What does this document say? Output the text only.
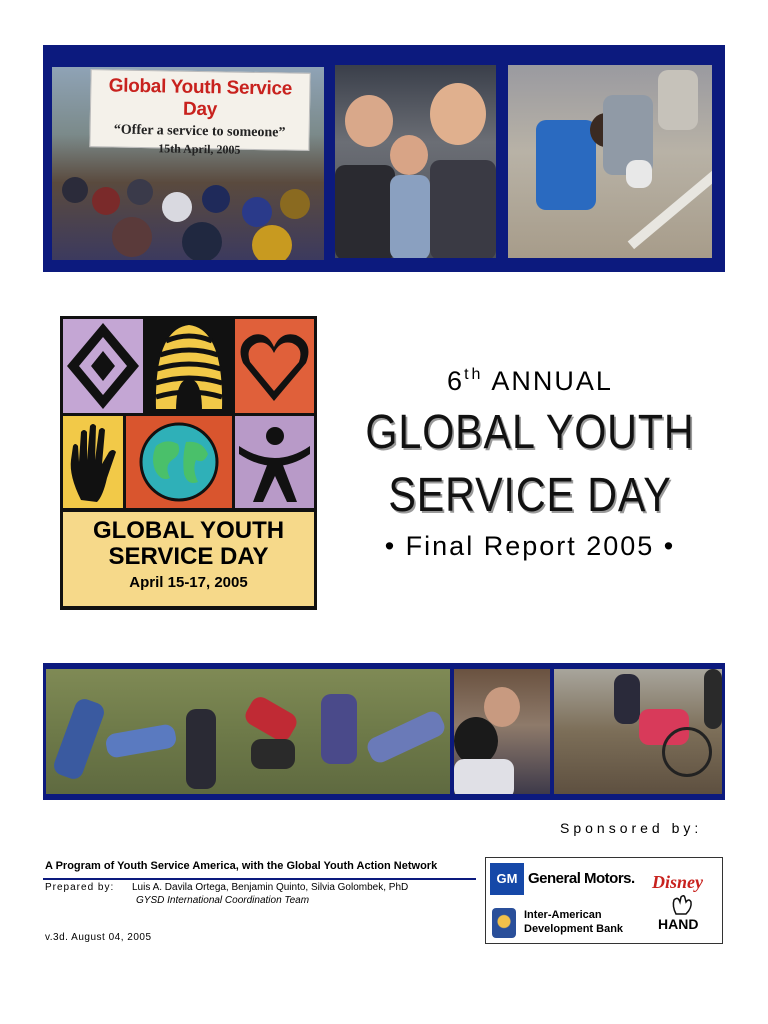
Global Youth Service Day
“Offer a service to someone”
15th April, 2005
GLOBAL YOUTH
SERVICE DAY
April 15-17, 2005
6th ANNUAL
GLOBAL YOUTH
SERVICE DAY
• Final Report 2005 •
Sponsored by:
A Program of Youth Service America, with the Global Youth Action Network
Prepared by: Luis A. Davila Ortega, Benjamin Quinto, Silvia Golombek, PhD
GYSD International Coordination Team
v.3d. August 04, 2005
GM General Motors. Disney
HAND
Inter-American
Development Bank
